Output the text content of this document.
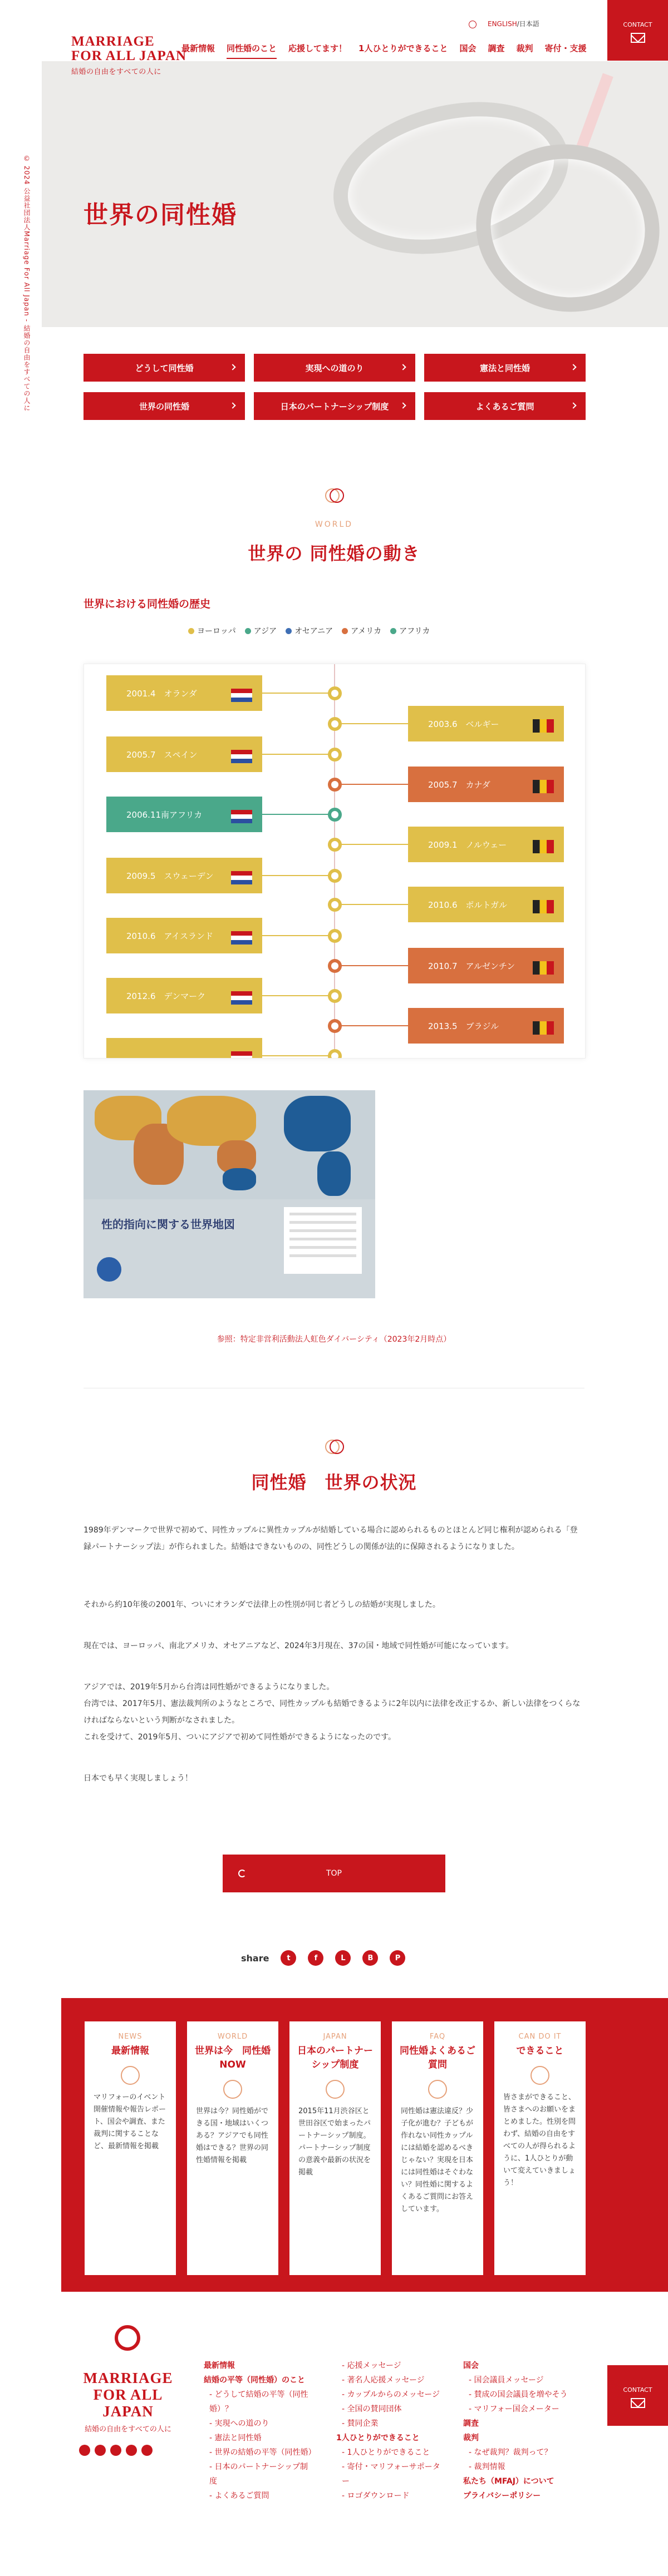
MARRIAGE
FOR ALL JAPAN
結婚の自由をすべての人に
ENGLISH/日本語
最新情報 同性婚のこと 応援してます！ 1人ひとりができること 国会 調査 裁判 寄付・支援
CONTACT
© 2024 公益社団法人Marriage For All Japan - 結婚の自由をすべての人に 世界の同性婚
どうして同性婚	実現への道のり	憲法と同性婚
世界の同性婚	日本のパートナーシップ制度	よくあるご質問
WORLD
世界の 同性婚の動き
世界における同性婚の歴史
ヨーロッパ アジア オセアニア アメリカ アフリカ
2001.4　オランダ
2005.7　スペイン
2006.11南アフリカ
2009.5　スウェーデン
2010.6　アイスランド
2012.6　デンマーク
2003.6　ベルギー
2005.7　カナダ
2009.1　ノルウェー
2010.6　ポルトガル
2010.7　アルゼンチン
2013.5　ブラジル
性的指向に関する世界地図

参照：特定非営利活動法人虹色ダイバーシティ（2023年2月時点）
同性婚　世界の状況

1989年デンマークで世界で初めて、同性カップルに異性カップルが結婚している場合に認められるものとほとんど同じ権利が認められる「登録パートナーシップ法」が作られました。結婚はできないものの、同性どうしの関係が法的に保障されるようになりました。

それから約10年後の2001年、ついにオランダで法律上の性別が同じ者どうしの結婚が実現しました。

現在では、ヨーロッパ、南北アメリカ、オセアニアなど、2024年3月現在、37の国・地域で同性婚が可能になっています。

アジアでは、2019年5月から台湾は同性婚ができるようになりました。

台湾では、2017年5月、憲法裁判所のようなところで、同性カップルも結婚できるように2年以内に法律を改正するか、新しい法律をつくらなければならないという判断がなされました。

これを受けて、2019年5月、ついにアジアで初めて同性婚ができるようになったのです。

日本でも早く実現しましょう！

TOP
share	t	f	L	B	P
NEWS
最新情報
マリフォーのイベント開催情報や報告レポート、国会や調査、また裁判に関することなど、最新情報を掲載
WORLD
世界は今　同性婚　NOW
世界は今？同性婚ができる国・地域はいくつある？アジアでも同性婚はできる？世界の同性婚情報を掲載
JAPAN
日本のパートナーシップ制度
2015年11月渋谷区と世田谷区で始まったパートナーシップ制度。パートナーシップ制度の意義や最新の状況を掲載
FAQ
同性婚よくあるご質問
同性婚は憲法違反？少子化が進む？子どもが作れない同性カップルには結婚を認めるべきじゃない？実現を日本には同性婚はそぐわない？同性婚に関するよくあるご質問にお答えしています。
CAN DO IT
できること
皆さまができること、皆さまへのお願いをまとめました。性別を問わず、結婚の自由をすべての人が得られるように、1人ひとりが動いて変えていきましょう！
MARRIAGE
FOR ALL JAPAN
結婚の自由をすべての人に
最新情報
結婚の平等（同性婚）のこと
- どうして結婚の平等（同性婚）？
- 実現への道のり
- 憲法と同性婚
- 世界の結婚の平等（同性婚）
- 日本のパートナーシップ制度
- よくあるご質問
- 応援メッセージ
- 著名人応援メッセージ
- カップルからのメッセージ
- 全国の賛同団体
- 賛同企業
1人ひとりができること
- 1人ひとりができること
- 寄付・マリフォーサポーター
- ロゴダウンロード
国会
- 国会議員メッセージ
- 賛成の国会議員を増やそう
- マリフォー国会メーター
調査
裁判
- なぜ裁判？裁判って？
- 裁判情報
私たち（MFAJ）について
プライバシーポリシー
CONTACT
